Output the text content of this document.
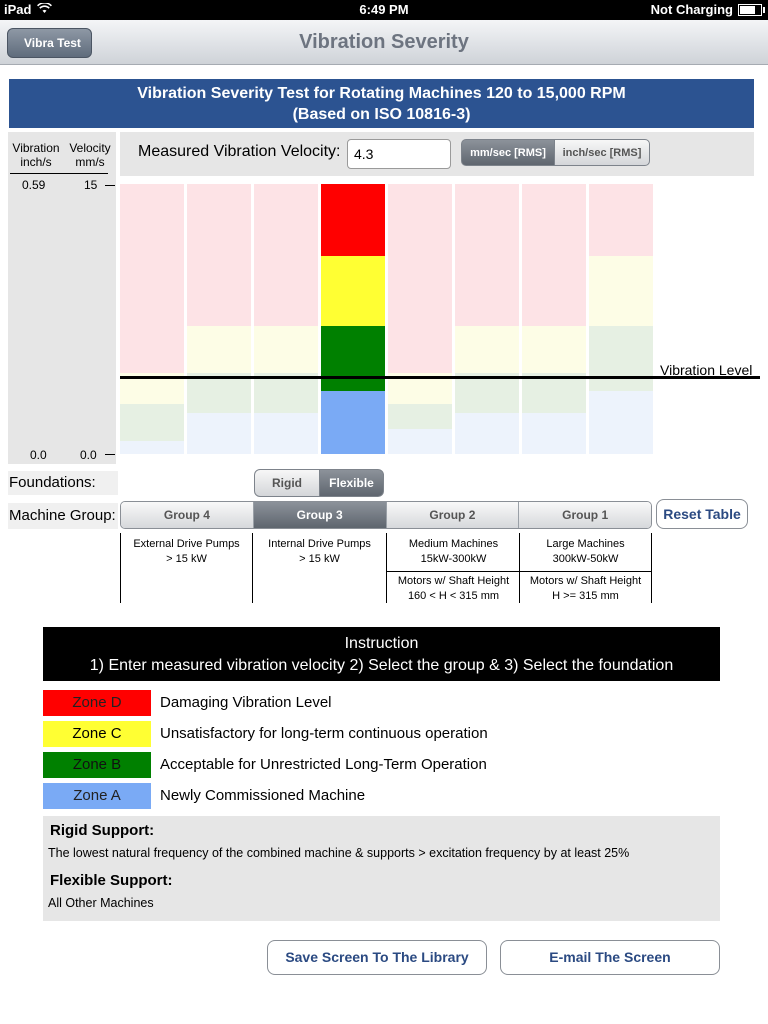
iPad	6:49 PM	Not Charging
Vibration Severity
Vibra Test
Vibration Severity Test for Rotating Machines 120 to 15,000 RPM
(Based on ISO 10816-3)
Vibration
inch/s
Velocity
mm/s
0.59	15
0.0	0.0
Measured Vibration Velocity:
4.3	mm/sec [RMS]	inch/sec [RMS]
Vibration Level
Foundations:	Rigid	Flexible
Machine Group:	Group 4	Group 3	Group 2	Group 1	Reset Table
External Drive Pumps
> 15 kW
Internal Drive Pumps
> 15 kW
Medium Machines
15kW-300kW
Motors w/ Shaft Height
160 < H < 315 mm
Large Machines
300kW-50kW
Motors w/ Shaft Height
H >= 315 mm
Instruction
1) Enter measured vibration velocity 2) Select the group & 3) Select the foundation
Zone D	Damaging Vibration Level
Zone C	Unsatisfactory for long-term continuous operation
Zone B	Acceptable for Unrestricted Long-Term Operation
Zone A	Newly Commissioned Machine
Rigid Support:
The lowest natural frequency of the combined machine & supports > excitation frequency by at least 25%
Flexible Support:
All Other Machines
Save Screen To The Library	E-mail The Screen
